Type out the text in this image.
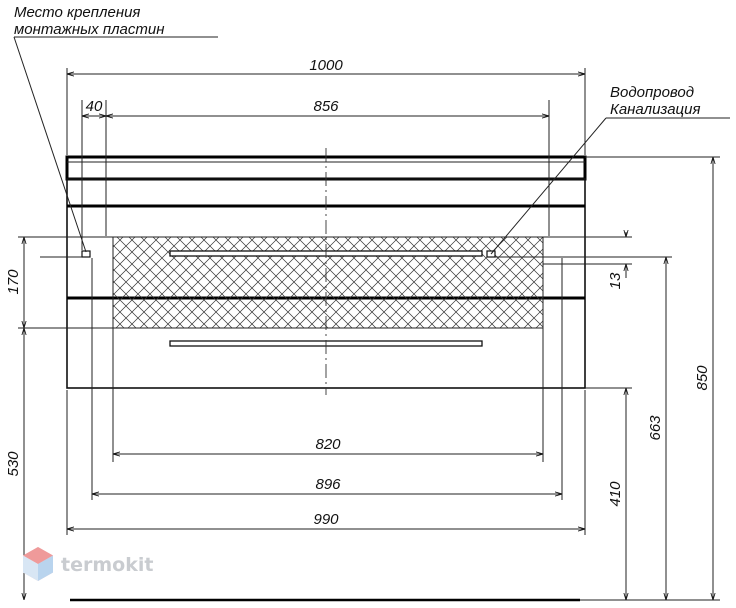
1000
40	856
820
896
990
170
530
13
410
663
850
Место крепления
монтажных пластин
Водопровод
Канализация
termokit
